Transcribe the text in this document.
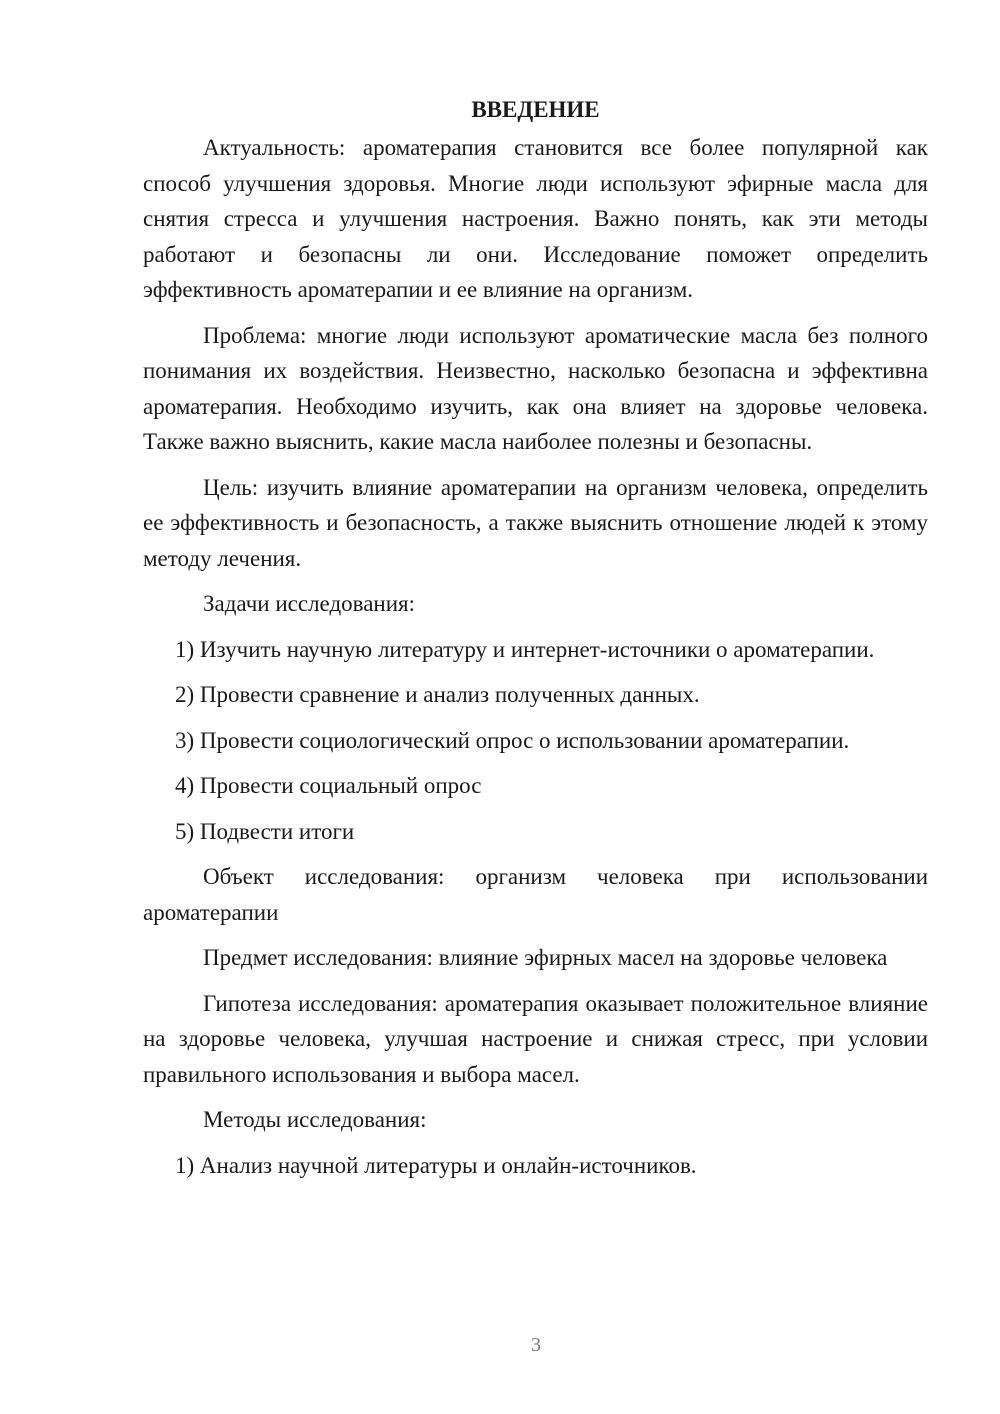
ВВЕДЕНИЕ

Актуальность: ароматерапия становится все более популярной как способ улучшения здоровья. Многие люди используют эфирные масла для снятия стресса и улучшения настроения. Важно понять, как эти методы работают и безопасны ли они. Исследование поможет определить эффективность ароматерапии и ее влияние на организм.

Проблема: многие люди используют ароматические масла без полного понимания их воздействия. Неизвестно, насколько безопасна и эффективна ароматерапия. Необходимо изучить, как она влияет на здоровье человека. Также важно выяснить, какие масла наиболее полезны и безопасны.

Цель: изучить влияние ароматерапии на организм человека, определить ее эффективность и безопасность, а также выяснить отношение людей к этому методу лечения.

Задачи исследования:

1) Изучить научную литературу и интернет-источники о ароматерапии.

2) Провести сравнение и анализ полученных данных.

3) Провести социологический опрос о использовании ароматерапии.

4) Провести социальный опрос

5) Подвести итоги

Объект исследования: организм человека при использовании ароматерапии

Предмет исследования: влияние эфирных масел на здоровье человека

Гипотеза исследования: ароматерапия оказывает положительное влияние на здоровье человека, улучшая настроение и снижая стресс, при условии правильного использования и выбора масел.

Методы исследования:

1) Анализ научной литературы и онлайн-источников.

3
